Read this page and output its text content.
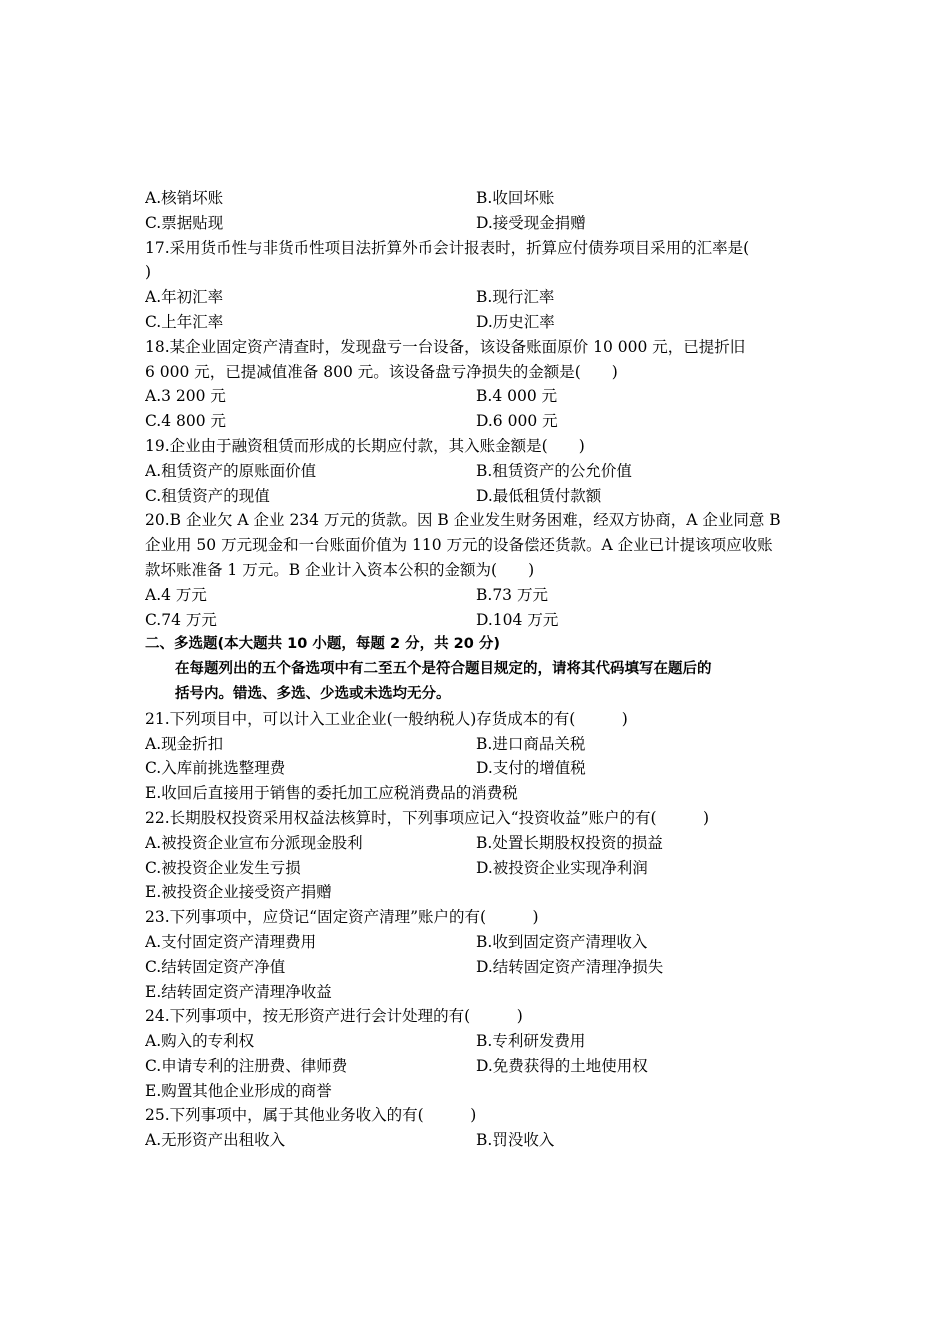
A.核销坏账	B.收回坏账
C.票据贴现	D.接受现金捐赠
17.采用货币性与非货币性项目法折算外币会计报表时，折算应付债券项目采用的汇率是(
)
A.年初汇率	B.现行汇率
C.上年汇率	D.历史汇率
18.某企业固定资产清查时，发现盘亏一台设备，该设备账面原价 10 000 元，已提折旧
6 000 元，已提减值准备 800 元。该设备盘亏净损失的金额是(　　)
A.3 200 元	B.4 000 元
C.4 800 元	D.6 000 元
19.企业由于融资租赁而形成的长期应付款，其入账金额是(　　)
A.租赁资产的原账面价值	B.租赁资产的公允价值
C.租赁资产的现值	D.最低租赁付款额
20.B 企业欠 A 企业 234 万元的货款。因 B 企业发生财务困难，经双方协商，A 企业同意 B
企业用 50 万元现金和一台账面价值为 110 万元的设备偿还货款。A 企业已计提该项应收账
款坏账准备 1 万元。B 企业计入资本公积的金额为(　　)
A.4 万元	B.73 万元
C.74 万元	D.104 万元
二、多选题(本大题共 10 小题，每题 2 分，共 20 分)
在每题列出的五个备选项中有二至五个是符合题目规定的，请将其代码填写在题后的
括号内。错选、多选、少选或未选均无分。
21.下列项目中，可以计入工业企业(一般纳税人)存货成本的有(　　　)
A.现金折扣	B.进口商品关税
C.入库前挑选整理费	D.支付的增值税
E.收回后直接用于销售的委托加工应税消费品的消费税
22.长期股权投资采用权益法核算时，下列事项应记入“投资收益”账户的有(　　　)
A.被投资企业宣布分派现金股利	B.处置长期股权投资的损益
C.被投资企业发生亏损	D.被投资企业实现净利润
E.被投资企业接受资产捐赠
23.下列事项中，应贷记“固定资产清理”账户的有(　　　)
A.支付固定资产清理费用	B.收到固定资产清理收入
C.结转固定资产净值	D.结转固定资产清理净损失
E.结转固定资产清理净收益
24.下列事项中，按无形资产进行会计处理的有(　　　)
A.购入的专利权	B.专利研发费用
C.申请专利的注册费、律师费	D.免费获得的土地使用权
E.购置其他企业形成的商誉
25.下列事项中，属于其他业务收入的有(　　　)
A.无形资产出租收入	B.罚没收入
